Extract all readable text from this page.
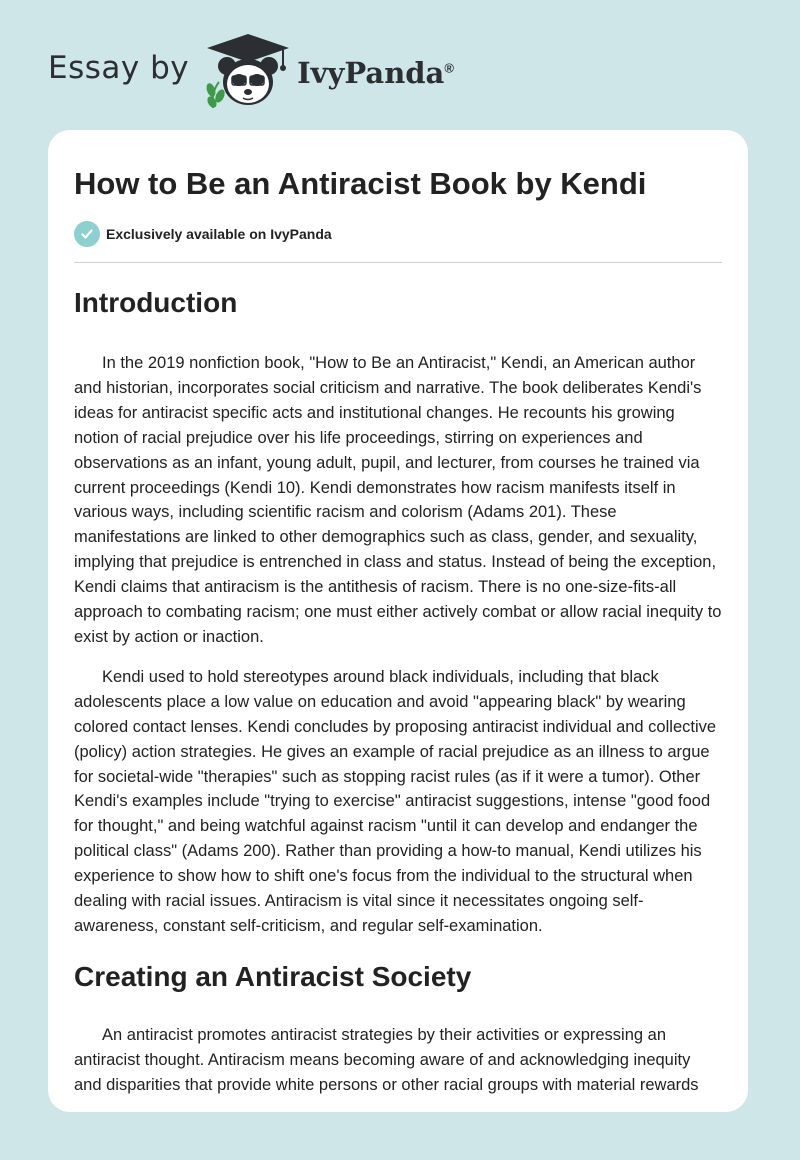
Essay by	IvyPanda®
How to Be an Antiracist Book by Kendi
Exclusively available on IvyPanda
Introduction

In the 2019 nonfiction book, "How to Be an Antiracist," Kendi, an American author and historian, incorporates social criticism and narrative. The book deliberates Kendi's ideas for antiracist specific acts and institutional changes. He recounts his growing notion of racial prejudice over his life proceedings, stirring on experiences and observations as an infant, young adult, pupil, and lecturer, from courses he trained via current proceedings (Kendi 10). Kendi demonstrates how racism manifests itself in various ways, including scientific racism and colorism (Adams 201). These manifestations are linked to other demographics such as class, gender, and sexuality, implying that prejudice is entrenched in class and status. Instead of being the exception, Kendi claims that antiracism is the antithesis of racism. There is no one-size-fits-all approach to combating racism; one must either actively combat or allow racial inequity to exist by action or inaction.

Kendi used to hold stereotypes around black individuals, including that black adolescents place a low value on education and avoid "appearing black" by wearing colored contact lenses. Kendi concludes by proposing antiracist individual and collective (policy) action strategies. He gives an example of racial prejudice as an illness to argue for societal-wide "therapies" such as stopping racist rules (as if it were a tumor). Other Kendi's examples include "trying to exercise" antiracist suggestions, intense "good food for thought," and being watchful against racism "until it can develop and endanger the political class" (Adams 200). Rather than providing a how-to manual, Kendi utilizes his experience to show how to shift one's focus from the individual to the structural when dealing with racial issues. Antiracism is vital since it necessitates ongoing self-awareness, constant self-criticism, and regular self-examination.

Creating an Antiracist Society

An antiracist promotes antiracist strategies by their activities or expressing an antiracist thought. Antiracism means becoming aware of and acknowledging inequity and disparities that provide white persons or other racial groups with material rewards
